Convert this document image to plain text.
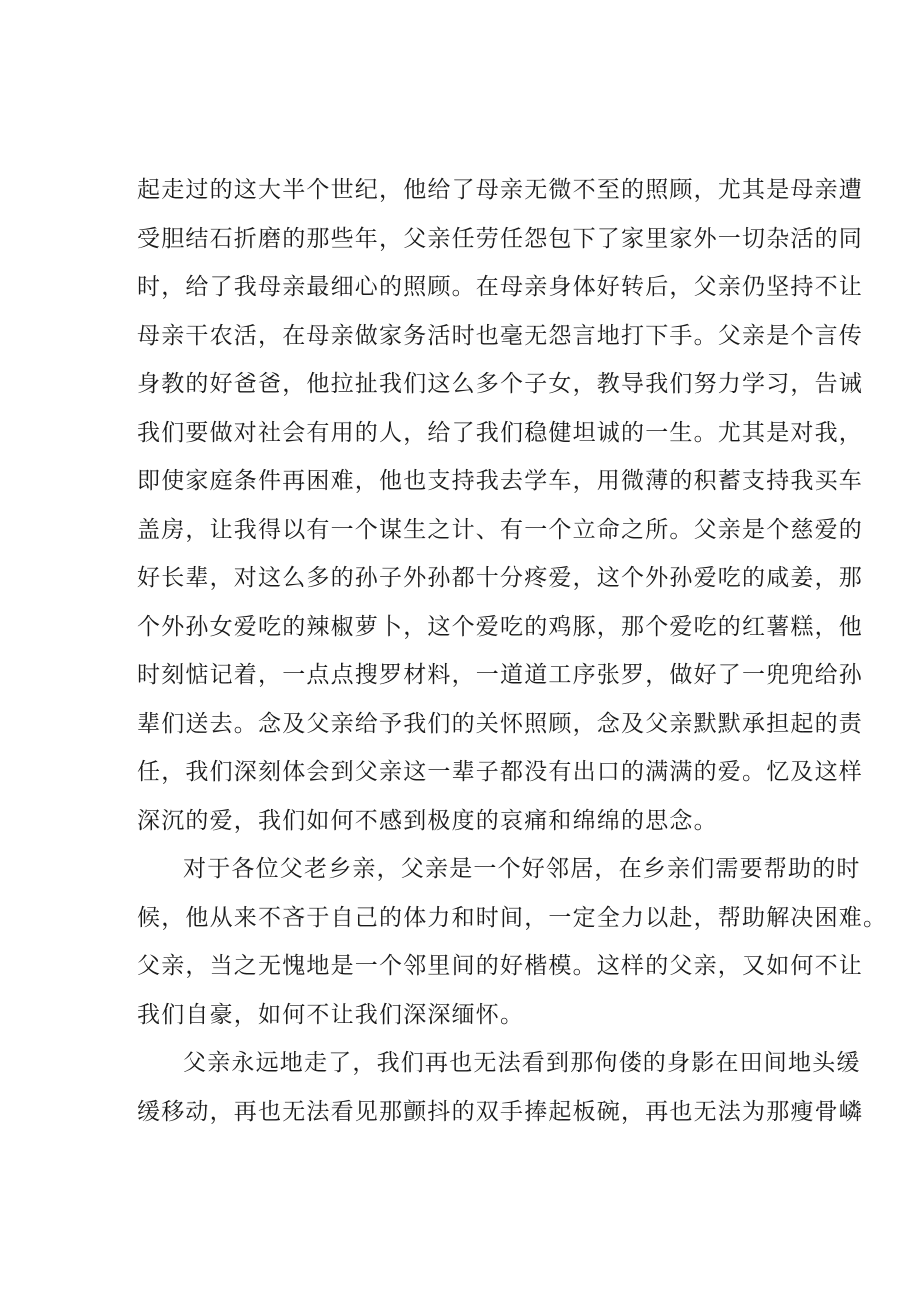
起走过的这大半个世纪，他给了母亲无微不至的照顾，尤其是母亲遭
受胆结石折磨的那些年，父亲任劳任怨包下了家里家外一切杂活的同
时，给了我母亲最细心的照顾。在母亲身体好转后，父亲仍坚持不让
母亲干农活，在母亲做家务活时也毫无怨言地打下手。父亲是个言传
身教的好爸爸，他拉扯我们这么多个子女，教导我们努力学习，告诫
我们要做对社会有用的人，给了我们稳健坦诚的一生。尤其是对我，
即使家庭条件再困难，他也支持我去学车，用微薄的积蓄支持我买车
盖房，让我得以有一个谋生之计、有一个立命之所。父亲是个慈爱的
好长辈，对这么多的孙子外孙都十分疼爱，这个外孙爱吃的咸姜，那
个外孙女爱吃的辣椒萝卜，这个爱吃的鸡豚，那个爱吃的红薯糕，他
时刻惦记着，一点点搜罗材料，一道道工序张罗，做好了一兜兜给孙
辈们送去。念及父亲给予我们的关怀照顾，念及父亲默默承担起的责
任，我们深刻体会到父亲这一辈子都没有出口的满满的爱。忆及这样
深沉的爱，我们如何不感到极度的哀痛和绵绵的思念。
对于各位父老乡亲，父亲是一个好邻居，在乡亲们需要帮助的时
候，他从来不吝于自己的体力和时间，一定全力以赴，帮助解决困难。
父亲，当之无愧地是一个邻里间的好楷模。这样的父亲，又如何不让
我们自豪，如何不让我们深深缅怀。
父亲永远地走了，我们再也无法看到那佝偻的身影在田间地头缓
缓移动，再也无法看见那颤抖的双手捧起板碗，再也无法为那瘦骨嶙
